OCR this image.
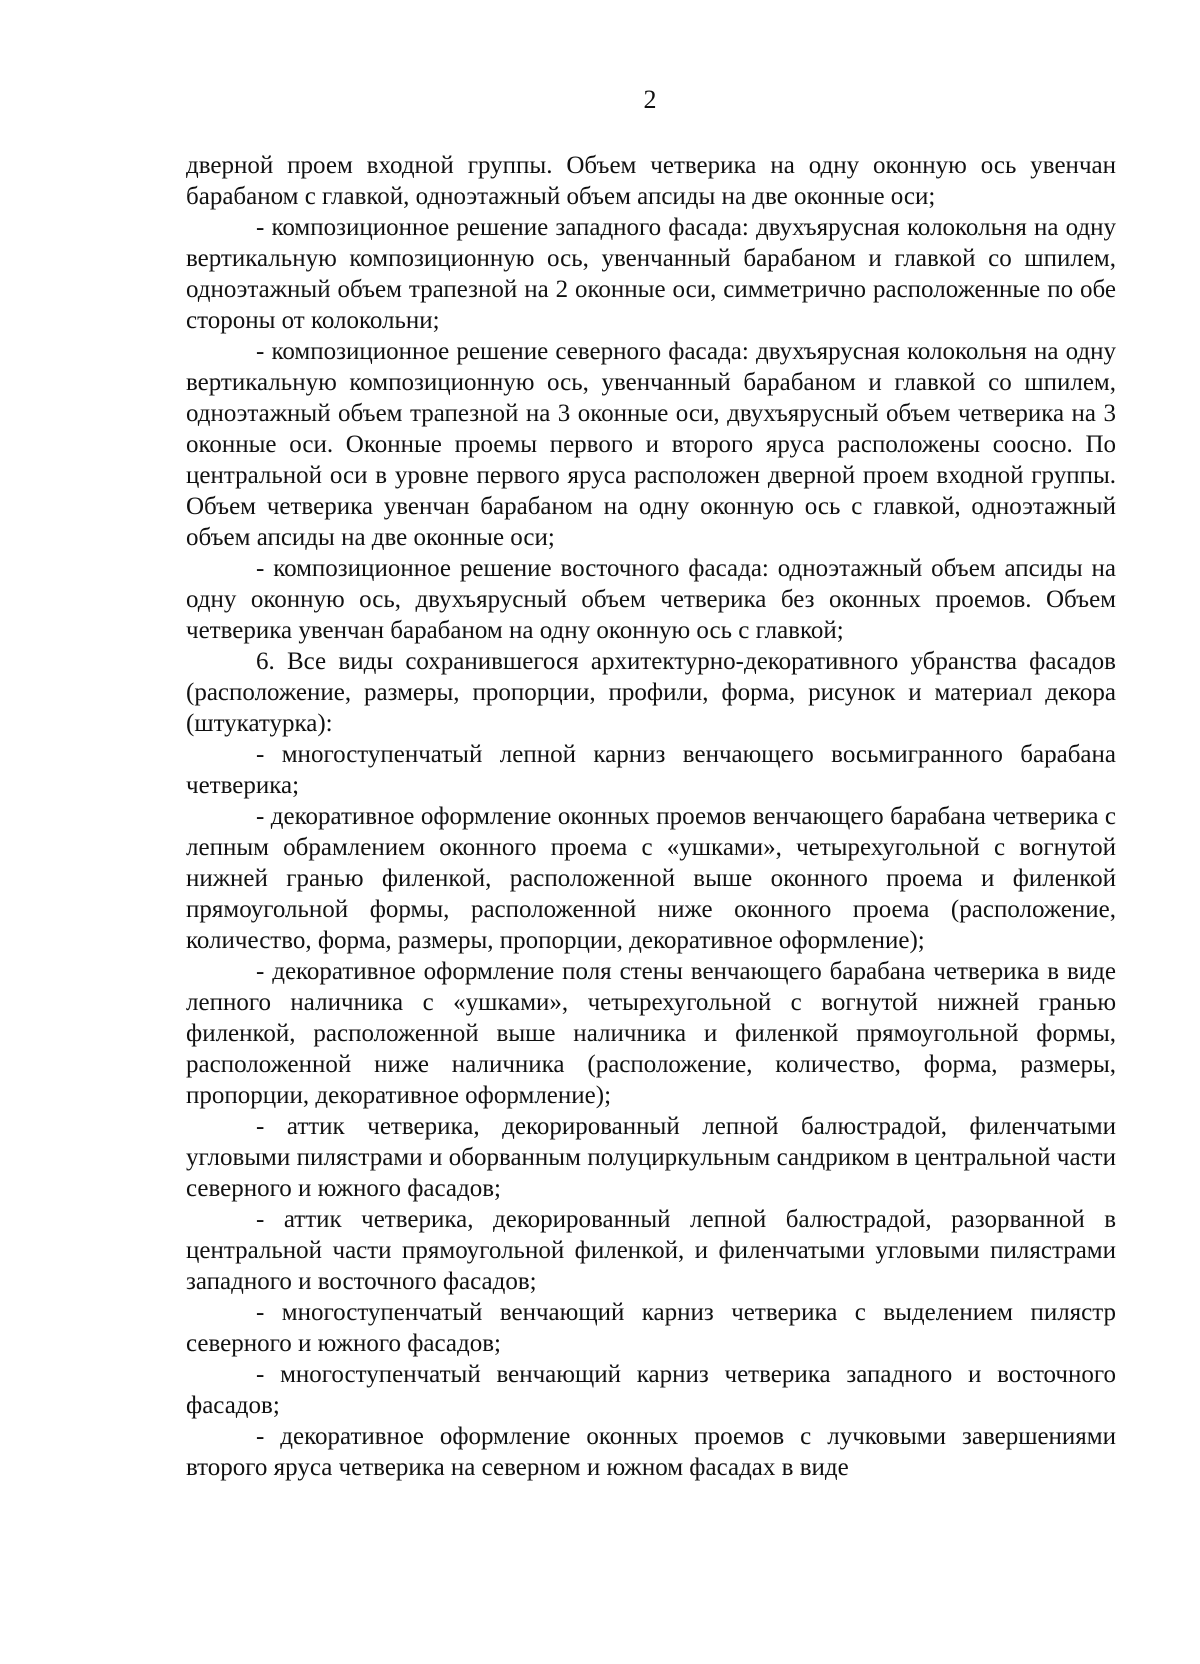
2

дверной проем входной группы. Объем четверика на одну оконную ось увенчан барабаном с главкой, одноэтажный объем апсиды на две оконные оси;

- композиционное решение западного фасада: двухъярусная колокольня на одну вертикальную композиционную ось, увенчанный барабаном и главкой со шпилем, одноэтажный объем трапезной на 2 оконные оси, симметрично расположенные по обе стороны от колокольни;

- композиционное решение северного фасада: двухъярусная колокольня на одну вертикальную композиционную ось, увенчанный барабаном и главкой со шпилем, одноэтажный объем трапезной на 3 оконные оси, двухъярусный объем четверика на 3 оконные оси. Оконные проемы первого и второго яруса расположены соосно. По центральной оси в уровне первого яруса расположен дверной проем входной группы. Объем четверика увенчан барабаном на одну оконную ось с главкой, одноэтажный объем апсиды на две оконные оси;

- композиционное решение восточного фасада: одноэтажный объем апсиды на одну оконную ось, двухъярусный объем четверика без оконных проемов. Объем четверика увенчан барабаном на одну оконную ось с главкой;

6. Все виды сохранившегося архитектурно-декоративного убранства фасадов (расположение, размеры, пропорции, профили, форма, рисунок и материал декора (штукатурка):

- многоступенчатый лепной карниз венчающего восьмигранного барабана четверика;

- декоративное оформление оконных проемов венчающего барабана четверика с лепным обрамлением оконного проема с «ушками», четырехугольной с вогнутой нижней гранью филенкой, расположенной выше оконного проема и филенкой прямоугольной формы, расположенной ниже оконного проема (расположение, количество, форма, размеры, пропорции, декоративное оформление);

- декоративное оформление поля стены венчающего барабана четверика в виде лепного наличника с «ушками», четырехугольной с вогнутой нижней гранью филенкой, расположенной выше наличника и филенкой прямоугольной формы, расположенной ниже наличника (расположение, количество, форма, размеры, пропорции, декоративное оформление);

- аттик четверика, декорированный лепной балюстрадой, филенчатыми угловыми пилястрами и оборванным полуциркульным сандриком в центральной части северного и южного фасадов;

- аттик четверика, декорированный лепной балюстрадой, разорванной в центральной части прямоугольной филенкой, и филенчатыми угловыми пилястрами западного и восточного фасадов;

- многоступенчатый венчающий карниз четверика с выделением пилястр северного и южного фасадов;

- многоступенчатый венчающий карниз четверика западного и восточного фасадов;

- декоративное оформление оконных проемов с лучковыми завершениями второго яруса четверика на северном и южном фасадах в виде
